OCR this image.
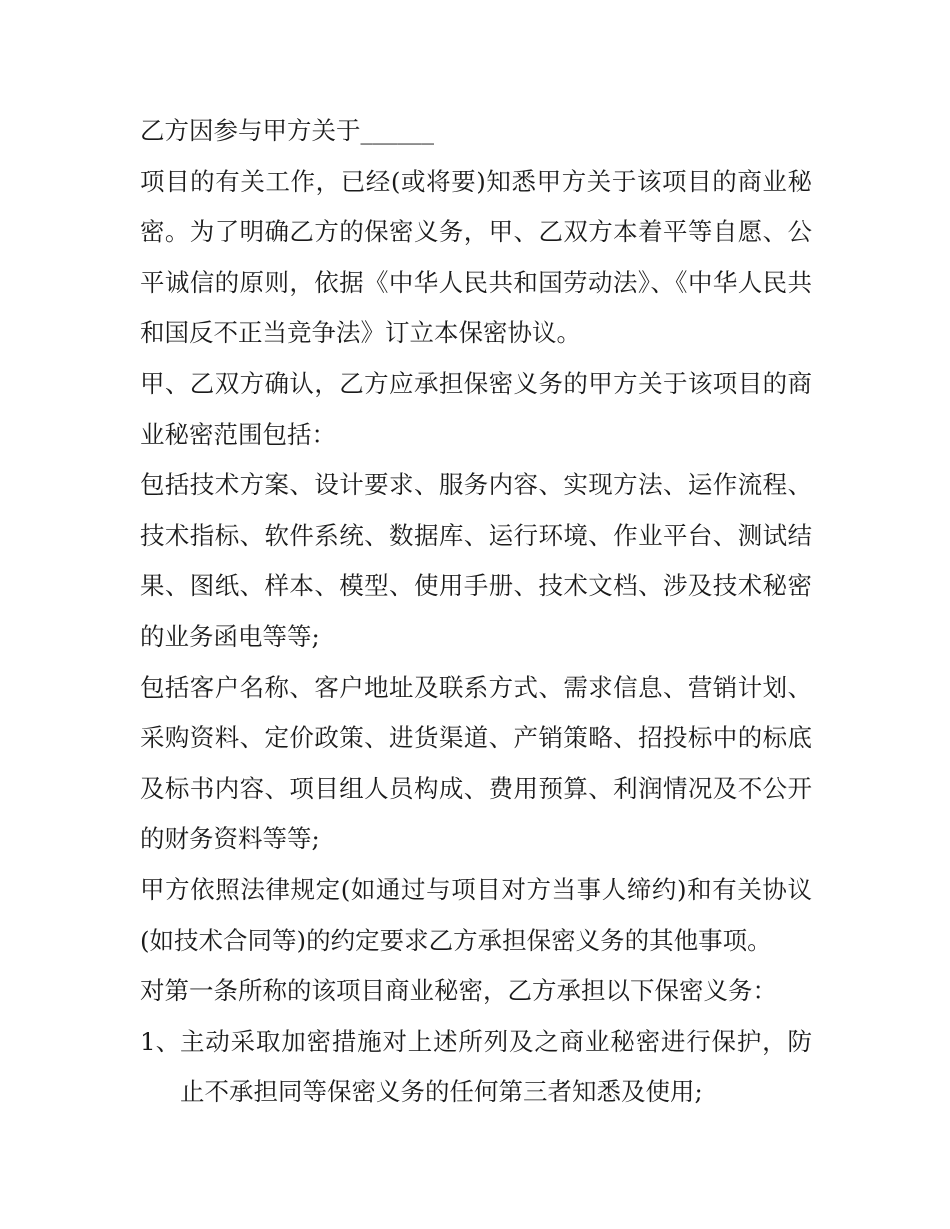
乙方因参与甲方关于______

项目的有关工作，已经(或将要)知悉甲方关于该项目的商业秘密。为了明确乙方的保密义务，甲、乙双方本着平等自愿、公平诚信的原则，依据《中华人民共和国劳动法》、《中华人民共和国反不正当竞争法》订立本保密协议。

甲、乙双方确认，乙方应承担保密义务的甲方关于该项目的商业秘密范围包括：

包括技术方案、设计要求、服务内容、实现方法、运作流程、技术指标、软件系统、数据库、运行环境、作业平台、测试结果、图纸、样本、模型、使用手册、技术文档、涉及技术秘密的业务函电等等;

包括客户名称、客户地址及联系方式、需求信息、营销计划、采购资料、定价政策、进货渠道、产销策略、招投标中的标底及标书内容、项目组人员构成、费用预算、利润情况及不公开的财务资料等等;

甲方依照法律规定(如通过与项目对方当事人缔约)和有关协议(如技术合同等)的约定要求乙方承担保密义务的其他事项。

对第一条所称的该项目商业秘密，乙方承担以下保密义务：

1、 主动采取加密措施对上述所列及之商业秘密进行保护，防止不承担同等保密义务的任何第三者知悉及使用;
